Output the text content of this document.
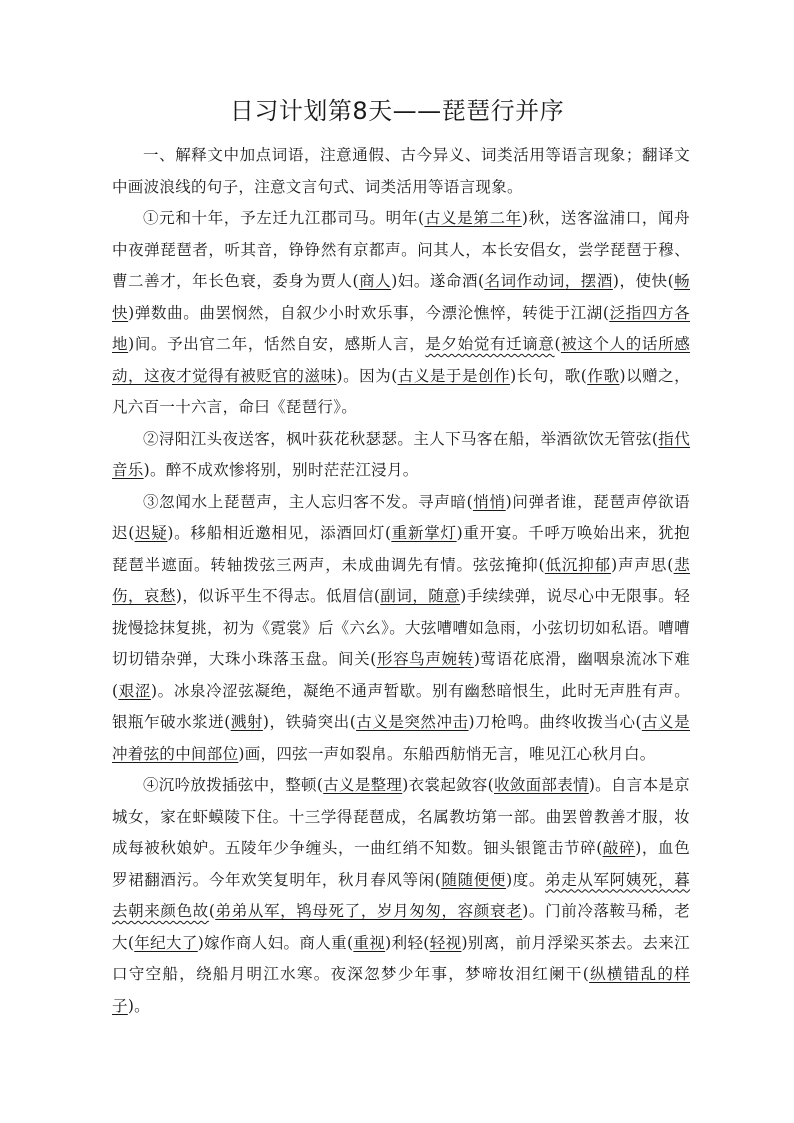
日习计划第8天——琵琶行并序

一、解释文中加点词语，注意通假、古今异义、词类活用等语言现象；翻译文中画波浪线的句子，注意文言句式、词类活用等语言现象。

①元和十年，予左迁九江郡司马。明年(古义是第二年)秋，送客湓浦口，闻舟中夜弹琵琶者，听其音，铮铮然有京都声。问其人，本长安倡女，尝学琵琶于穆、曹二善才，年长色衰，委身为贾人(商人)妇。遂命酒(名词作动词，摆酒)，使快(畅快)弹数曲。曲罢悯然，自叙少小时欢乐事，今漂沦憔悴，转徙于江湖(泛指四方各地)间。予出官二年，恬然自安，感斯人言，是夕始觉有迁谪意(被这个人的话所感动，这夜才觉得有被贬官的滋味)。因为(古义是于是创作)长句，歌(作歌)以赠之，凡六百一十六言，命曰《琵琶行》。

②浔阳江头夜送客，枫叶荻花秋瑟瑟。主人下马客在船，举酒欲饮无管弦(指代音乐)。醉不成欢惨将别，别时茫茫江浸月。

③忽闻水上琵琶声，主人忘归客不发。寻声暗(悄悄)问弹者谁，琵琶声停欲语迟(迟疑)。移船相近邀相见，添酒回灯(重新掌灯)重开宴。千呼万唤始出来，犹抱琵琶半遮面。转轴拨弦三两声，未成曲调先有情。弦弦掩抑(低沉抑郁)声声思(悲伤，哀愁)，似诉平生不得志。低眉信(副词，随意)手续续弹，说尽心中无限事。轻拢慢捻抹复挑，初为《霓裳》后《六幺》。大弦嘈嘈如急雨，小弦切切如私语。嘈嘈切切错杂弹，大珠小珠落玉盘。间关(形容鸟声婉转)莺语花底滑，幽咽泉流冰下难(艰涩)。冰泉冷涩弦凝绝，凝绝不通声暂歇。别有幽愁暗恨生，此时无声胜有声。银瓶乍破水浆迸(溅射)，铁骑突出(古义是突然冲击)刀枪鸣。曲终收拨当心(古义是冲着弦的中间部位)画，四弦一声如裂帛。东船西舫悄无言，唯见江心秋月白。

④沉吟放拨插弦中，整顿(古义是整理)衣裳起敛容(收敛面部表情)。自言本是京城女，家在虾蟆陵下住。十三学得琵琶成，名属教坊第一部。曲罢曾教善才服，妆成每被秋娘妒。五陵年少争缠头，一曲红绡不知数。钿头银篦击节碎(敲碎)，血色罗裙翻酒污。今年欢笑复明年，秋月春风等闲(随随便便)度。弟走从军阿姨死，暮去朝来颜色故(弟弟从军，鸨母死了，岁月匆匆，容颜衰老)。门前冷落鞍马稀，老大(年纪大了)嫁作商人妇。商人重(重视)利轻(轻视)别离，前月浮梁买茶去。去来江口守空船，绕船月明江水寒。夜深忽梦少年事，梦啼妆泪红阑干(纵横错乱的样子)。
